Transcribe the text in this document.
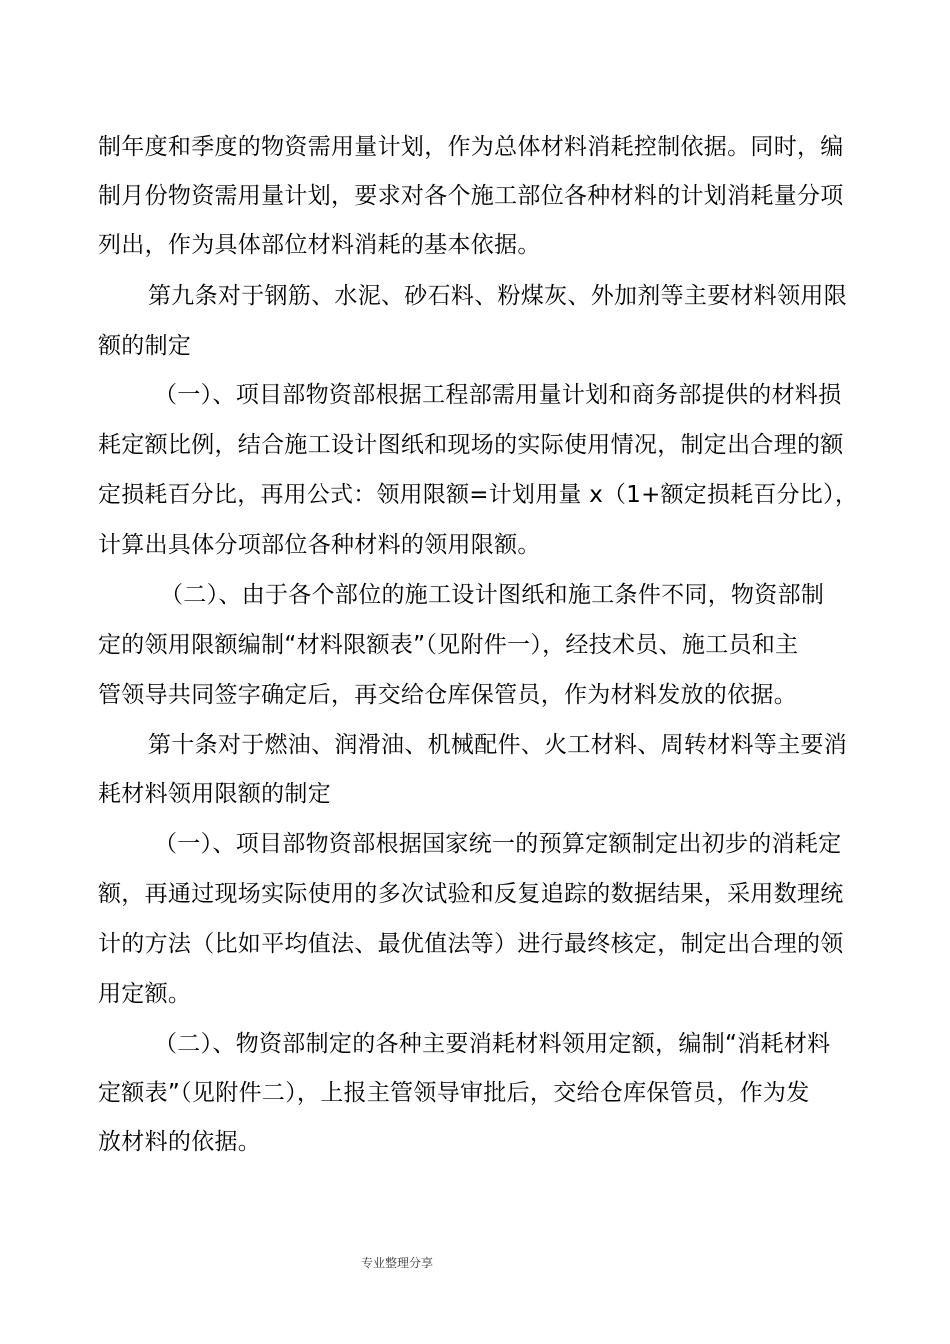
制年度和季度的物资需用量计划，作为总体材料消耗控制依据。同时，编
制月份物资需用量计划，要求对各个施工部位各种材料的计划消耗量分项
列出，作为具体部位材料消耗的基本依据。
第九条对于钢筋、水泥、砂石料、粉煤灰、外加剂等主要材料领用限
额的制定
（一）、项目部物资部根据工程部需用量计划和商务部提供的材料损
耗定额比例，结合施工设计图纸和现场的实际使用情况，制定出合理的额
定损耗百分比，再用公式：领用限额=计划用量 x（1+额定损耗百分比），
计算出具体分项部位各种材料的领用限额。
（二）、由于各个部位的施工设计图纸和施工条件不同，物资部制
定的领用限额编制“材料限额表”（见附件一），经技术员、施工员和主
管领导共同签字确定后，再交给仓库保管员，作为材料发放的依据。
第十条对于燃油、润滑油、机械配件、火工材料、周转材料等主要消
耗材料领用限额的制定
（一）、项目部物资部根据国家统一的预算定额制定出初步的消耗定
额，再通过现场实际使用的多次试验和反复追踪的数据结果，采用数理统
计的方法（比如平均值法、最优值法等）进行最终核定，制定出合理的领
用定额。
（二）、物资部制定的各种主要消耗材料领用定额，编制“消耗材料
定额表”（见附件二），上报主管领导审批后，交给仓库保管员，作为发
放材料的依据。
专业整理分享
